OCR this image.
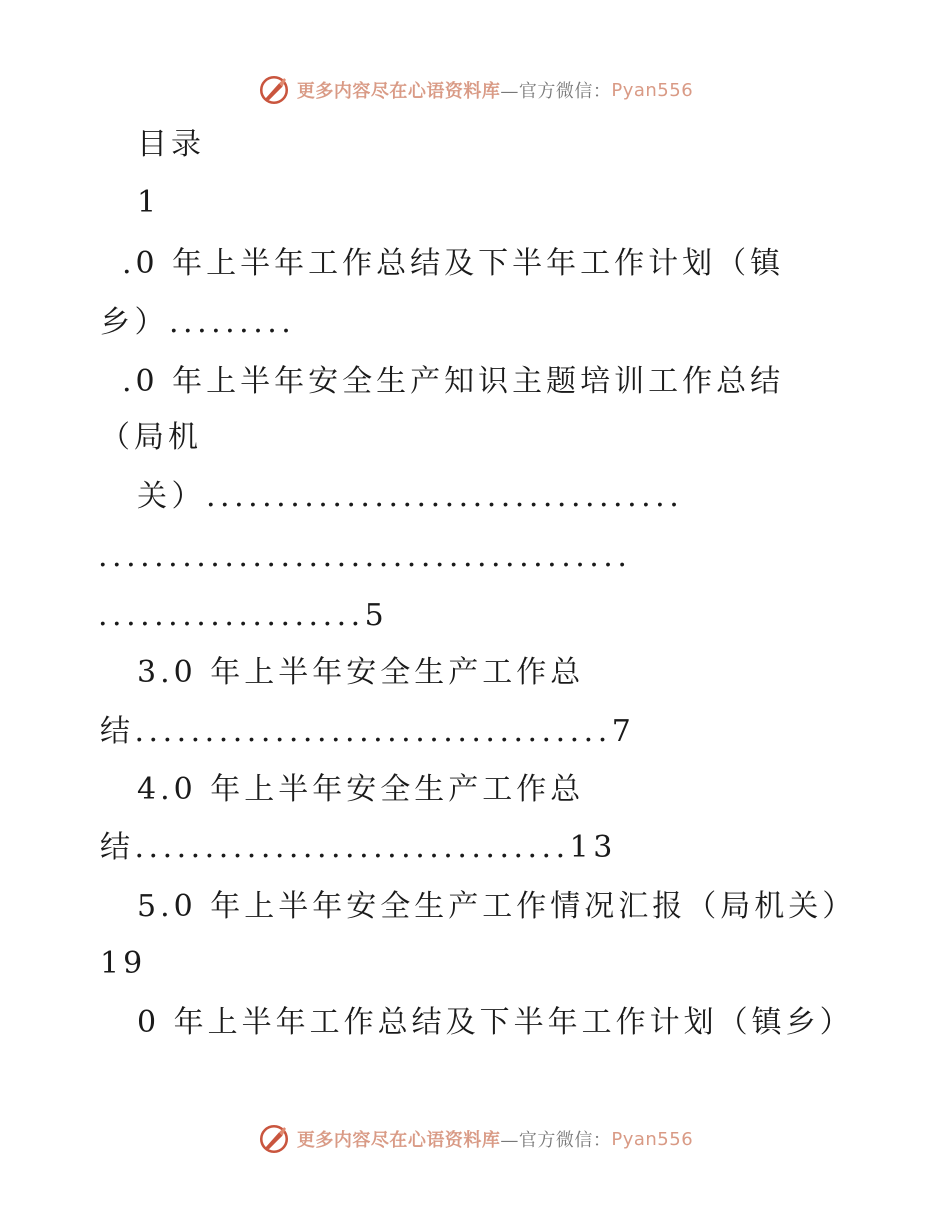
更多内容尽在心语资料库 —官方微信： Pyan556
目录
1
.0 年上半年工作总结及下半年工作计划（镇
乡）.........
.0 年上半年安全生产知识主题培训工作总结
（局机
关）..................................
......................................
...................5
3.0 年上半年安全生产工作总
结..................................7
4.0 年上半年安全生产工作总
结...............................13
5.0 年上半年安全生产工作情况汇报（局机关）
19
0 年上半年工作总结及下半年工作计划（镇乡）
更多内容尽在心语资料库 —官方微信： Pyan556
